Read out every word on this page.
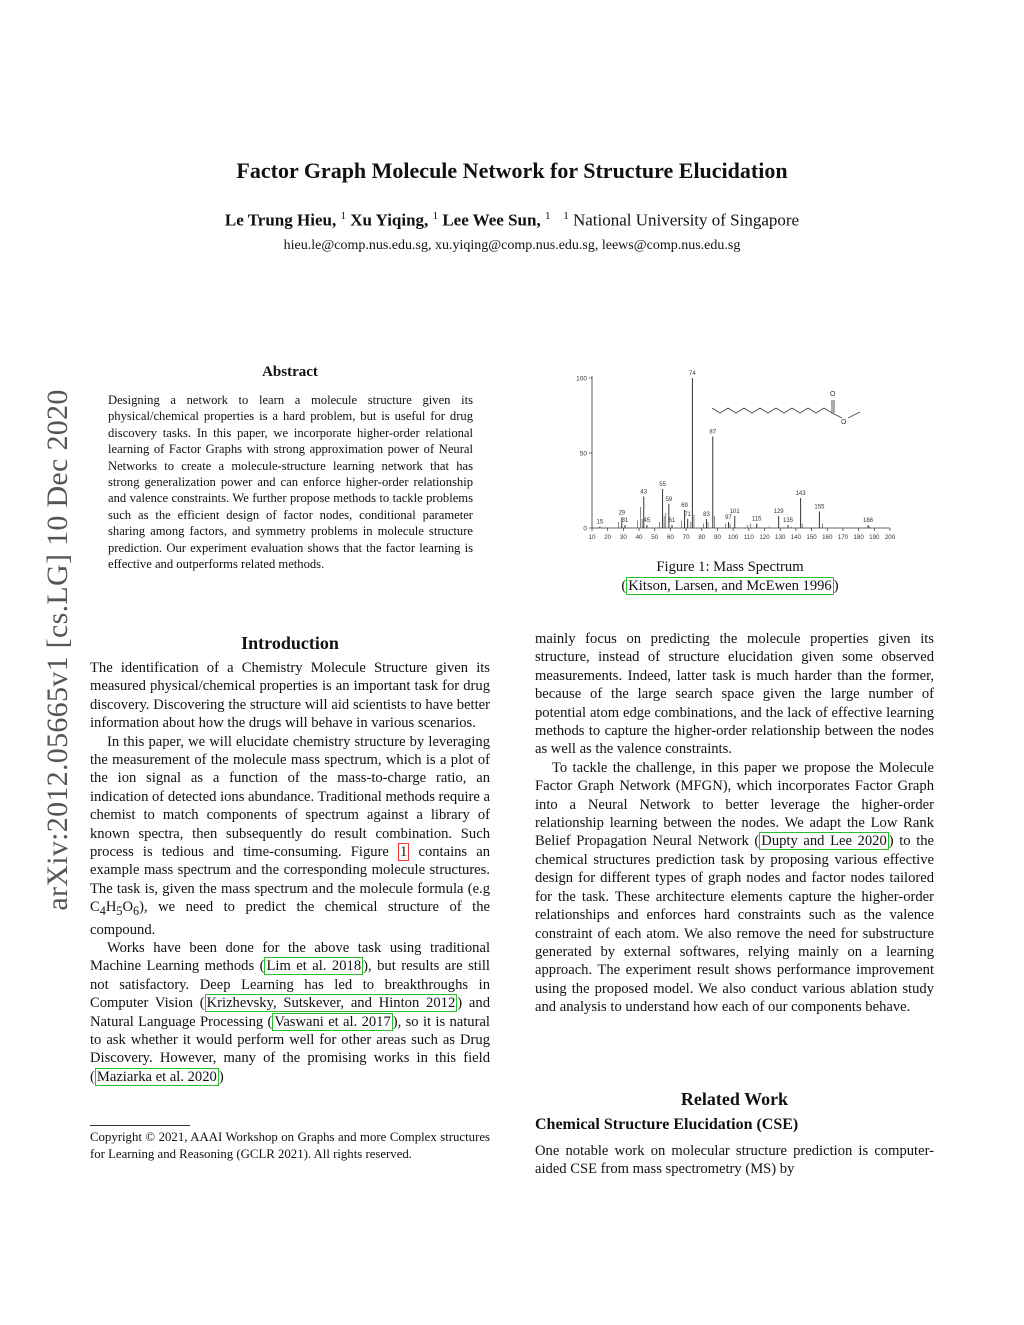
arXiv:2012.05665v1 [cs.LG] 10 Dec 2020
Factor Graph Molecule Network for Structure Elucidation
Le Trung Hieu, $^1$ Xu Yiqing, $^1$ Lee Wee Sun, $^1$ $^1$ National University of Singapore
hieu.le@comp.nus.edu.sg, xu.yiqing@comp.nus.edu.sg, leews@comp.nus.edu.sg
Abstract
Designing a network to learn a molecule structure given its physical/chemical properties is a hard problem, but is useful for drug discovery tasks. In this paper, we incorporate higher-order relational learning of Factor Graphs with strong approximation power of Neural Networks to create a molecule-structure learning network that has strong generalization power and can enforce higher-order relationship and valence constraints. We further propose methods to tackle problems such as the efficient design of factor nodes, conditional parameter sharing among factors, and symmetry problems in molecule structure prediction. Our experiment evaluation shows that the factor learning is effective and outperforms related methods.
Introduction

The identification of a Chemistry Molecule Structure given its measured physical/chemical properties is an important task for drug discovery. Discovering the structure will aid scientists to have better information about how the drugs will behave in various scenarios.

In this paper, we will elucidate chemistry structure by leveraging the measurement of the molecule mass spectrum, which is a plot of the ion signal as a function of the mass-to-charge ratio, an indication of detected ions abundance. Traditional methods require a chemist to match components of spectrum against a library of known spectra, then subsequently do result combination. Such process is tedious and time-consuming. Figure 1 contains an example mass spectrum and the corresponding molecule structures. The task is, given the mass spectrum and the molecule formula (e.g $C_4H_5O_6$), we need to predict the chemical structure of the compound.

Works have been done for the above task using traditional Machine Learning methods ( Lim et al. 2018 ), but results are still not satisfactory. Deep Learning has led to breakthroughs in Computer Vision ( Krizhevsky, Sutskever, and Hinton 2012 ) and Natural Language Processing ( Vaswani et al. 2017 ), so it is natural to ask whether it would perform well for other areas such as Drug Discovery. However, many of the promising works in this field ( Maziarka et al. 2020 )

Copyright © 2021, AAAI Workshop on Graphs and more Complex structures for Learning and Reasoning (GCLR 2021). All rights reserved.
0
50
100
10 20 30 40 50 60 70 80 90 100 110 120 130 140 150 160 170 180 190 200
15
29
31
43
45
55
59
61
69
71
74
83
87
97
101
115
129
135
143
155
186
O
O
Figure 1: Mass Spectrum
( Kitson, Larsen, and McEwen 1996 )

mainly focus on predicting the molecule properties given its structure, instead of structure elucidation given some observed measurements. Indeed, latter task is much harder than the former, because of the large search space given the large number of potential atom edge combinations, and the lack of effective learning methods to capture the higher-order relationship between the nodes as well as the valence constraints.

To tackle the challenge, in this paper we propose the Molecule Factor Graph Network (MFGN), which incorporates Factor Graph into a Neural Network to better leverage the higher-order relationship learning between the nodes. We adapt the Low Rank Belief Propagation Neural Network ( Dupty and Lee 2020 ) to the chemical structures prediction task by proposing various effective design for different types of graph nodes and factor nodes tailored for the task. These architecture elements capture the higher-order relationships and enforces hard constraints such as the valence constraint of each atom. We also remove the need for substructure generated by external softwares, relying mainly on a learning approach. The experiment result shows performance improvement using the proposed model. We also conduct various ablation study and analysis to understand how each of our components behave.

Related Work
Chemical Structure Elucidation (CSE)

One notable work on molecular structure prediction is computer-aided CSE from mass spectrometry (MS) by
